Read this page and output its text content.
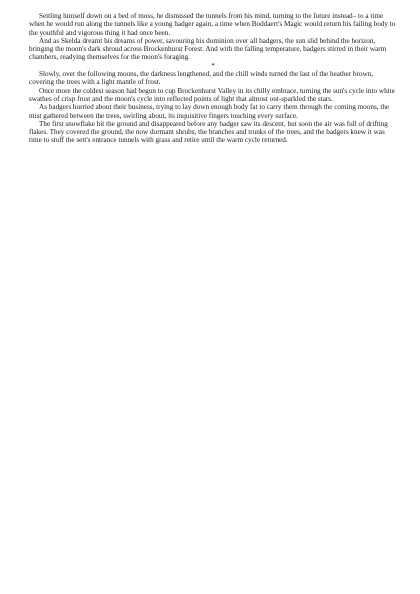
Settling himself down on a bed of moss, he dismissed the tunnels from his mind, turning to the future instead– to a time when he would run along the tunnels like a young badger again, a time when Boddaert's Magic would return his failing body to the youthful and vigorous thing it had once been.

And as Skelda dreamt his dreams of power, savouring his dominion over all badgers, the sun slid behind the horizon, bringing the moon's dark shroud across Brockenhurst Forest. And with the falling temperature, badgers stirred in their warm chambers, readying themselves for the moon's foraging.

*

Slowly, over the following moons, the darkness lengthened, and the chill winds turned the last of the heather brown, covering the trees with a light mantle of frost.

Once more the coldest season had begun to cup Brockenhurst Valley in its chilly embrace, turning the sun's cycle into white swathes of crisp frost and the moon's cycle into reflected points of light that almost out-sparkled the stars.

As badgers hurried about their business, trying to lay down enough body fat to carry them through the coming moons, the mist gathered between the trees, swirling about, its inquisitive fingers touching every surface.

The first snowflake hit the ground and disappeared before any badger saw its descent, but soon the air was full of drifting flakes. They covered the ground, the now dormant shrubs, the branches and trunks of the trees, and the badgers knew it was time to stuff the sett's entrance tunnels with grass and retire until the warm cycle returned.
